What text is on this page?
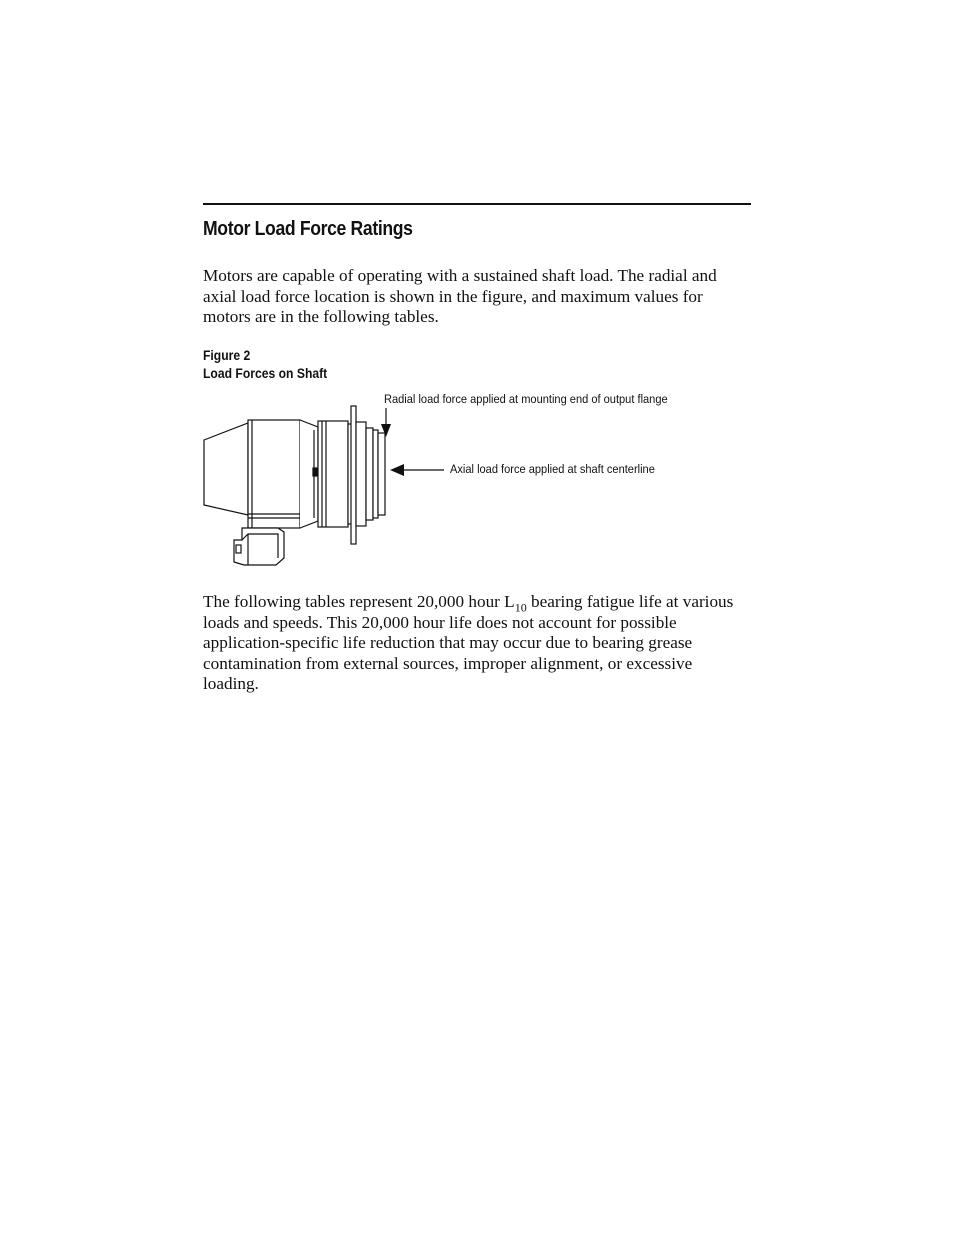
Motor Load Force Ratings

Motors are capable of operating with a sustained shaft load. The radial and axial load force location is shown in the figure, and maximum values for motors are in the following tables.

Figure 2
Load Forces on Shaft
Radial load force applied at mounting end of output flange
Axial load force applied at shaft centerline

The following tables represent 20,000 hour $L_{10}$ bearing fatigue life at various loads and speeds. This 20,000 hour life does not account for possible application-specific life reduction that may occur due to bearing grease contamination from external sources, improper alignment, or excessive loading.
